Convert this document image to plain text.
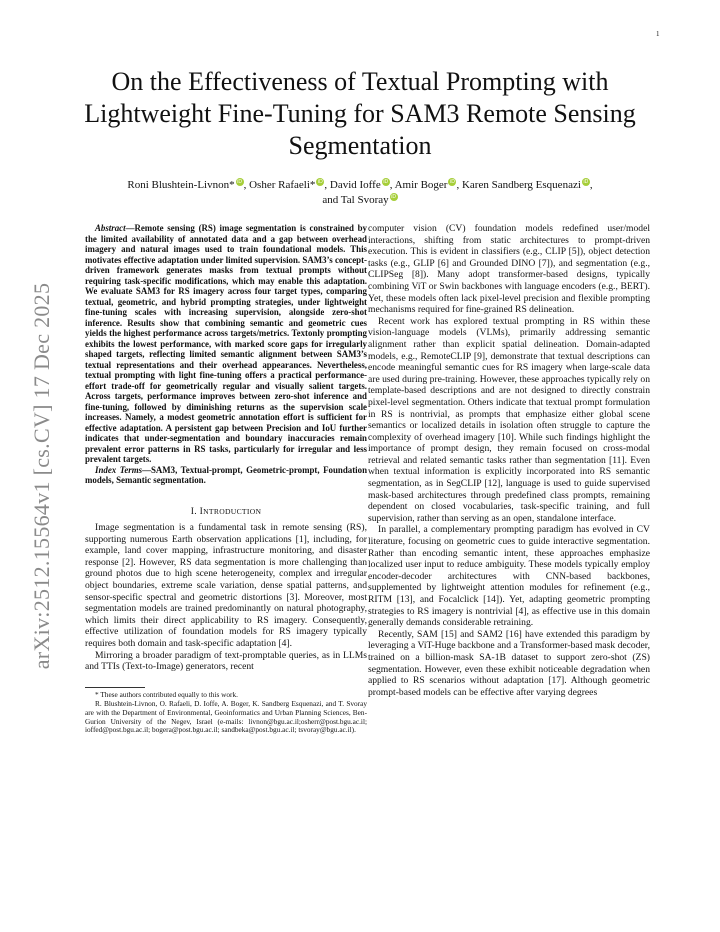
1
arXiv:2512.15564v1 [cs.CV] 17 Dec 2025
On the Effectiveness of Textual Prompting with Lightweight Fine-Tuning for SAM3 Remote Sensing Segmentation
Roni Blushtein-Livnon* iD , Osher Rafaeli* iD , David Ioffe iD , Amir Boger iD , Karen Sandberg Esquenazi iD ,
and Tal Svoray iD

Abstract—Remote sensing (RS) image segmentation is constrained by the limited availability of annotated data and a gap between overhead imagery and natural images used to train foundational models. This motivates effective adaptation under limited supervision. SAM3’s concept-driven framework generates masks from textual prompts without requiring task-specific modifications, which may enable this adaptation. We evaluate SAM3 for RS imagery across four target types, comparing textual, geometric, and hybrid prompting strategies, under lightweight fine-tuning scales with increasing supervision, alongside zero-shot inference. Results show that combining semantic and geometric cues yields the highest performance across targets/metrics. Textonly prompting exhibits the lowest performance, with marked score gaps for irregularly shaped targets, reflecting limited semantic alignment between SAM3’s textual representations and their overhead appearances. Nevertheless, textual prompting with light fine-tuning offers a practical performance-effort trade-off for geometrically regular and visually salient targets. Across targets, performance improves between zero-shot inference and fine-tuning, followed by diminishing returns as the supervision scale increases. Namely, a modest geometric annotation effort is sufficient for effective adaptation. A persistent gap between Precision and IoU further indicates that under-segmentation and boundary inaccuracies remain prevalent error patterns in RS tasks, particularly for irregular and less prevalent targets.

Index Terms—SAM3, Textual-prompt, Geometric-prompt, Foundation models, Semantic segmentation.

I. INTRODUCTION

Image segmentation is a fundamental task in remote sensing (RS), supporting numerous Earth observation applications [1], including, for example, land cover mapping, infrastructure monitoring, and disaster response [2]. However, RS data segmentation is more challenging than ground photos due to high scene heterogeneity, complex and irregular object boundaries, extreme scale variation, dense spatial patterns, and sensor-specific spectral and geometric distortions [3]. Moreover, most segmentation models are trained predominantly on natural photography, which limits their direct applicability to RS imagery. Consequently, effective utilization of foundation models for RS imagery typically requires both domain and task-specific adaptation [4].

Mirroring a broader paradigm of text-promptable queries, as in LLMs and TTIs (Text-to-Image) generators, recent

* These authors contributed equally to this work.

R. Blushtein-Livnon, O. Rafaeli, D. Ioffe, A. Boger, K. Sandberg Esquenazi, and T. Svoray are with the Department of Environmental, Geoinformatics and Urban Planning Sciences, Ben-Gurion University of the Negev, Israel (e-mails: livnon@bgu.ac.il;osherr@post.bgu.ac.il; ioffed@post.bgu.ac.il; bogera@post.bgu.ac.il; sandbeka@post.bgu.ac.il; tsvoray@bgu.ac.il).

computer vision (CV) foundation models redefined user/model interactions, shifting from static architectures to prompt-driven execution. This is evident in classifiers (e.g., CLIP [5]), object detection tasks (e.g., GLIP [6] and Grounded DINO [7]), and segmentation (e.g., CLIPSeg [8]). Many adopt transformer-based designs, typically combining ViT or Swin backbones with language encoders (e.g., BERT). Yet, these models often lack pixel-level precision and flexible prompting mechanisms required for fine-grained RS delineation.

Recent work has explored textual prompting in RS within these vision-language models (VLMs), primarily addressing semantic alignment rather than explicit spatial delineation. Domain-adapted models, e.g., RemoteCLIP [9], demonstrate that textual descriptions can encode meaningful semantic cues for RS imagery when large-scale data are used during pre-training. However, these approaches typically rely on template-based descriptions and are not designed to directly constrain pixel-level segmentation. Others indicate that textual prompt formulation in RS is nontrivial, as prompts that emphasize either global scene semantics or localized details in isolation often struggle to capture the complexity of overhead imagery [10]. While such findings highlight the importance of prompt design, they remain focused on cross-modal retrieval and related semantic tasks rather than segmentation [11]. Even when textual information is explicitly incorporated into RS semantic segmentation, as in SegCLIP [12], language is used to guide supervised mask-based architectures through predefined class prompts, remaining dependent on closed vocabularies, task-specific training, and full supervision, rather than serving as an open, standalone interface.

In parallel, a complementary prompting paradigm has evolved in CV literature, focusing on geometric cues to guide interactive segmentation. Rather than encoding semantic intent, these approaches emphasize localized user input to reduce ambiguity. These models typically employ encoder-decoder architectures with CNN-based backbones, supplemented by lightweight attention modules for refinement (e.g., RITM [13], and Focalclick [14]). Yet, adapting geometric prompting strategies to RS imagery is nontrivial [4], as effective use in this domain generally demands considerable retraining.

Recently, SAM [15] and SAM2 [16] have extended this paradigm by leveraging a ViT-Huge backbone and a Transformer-based mask decoder, trained on a billion-mask SA-1B dataset to support zero-shot (ZS) segmentation. However, even these exhibit noticeable degradation when applied to RS scenarios without adaptation [17]. Although geometric prompt-based models can be effective after varying degrees
